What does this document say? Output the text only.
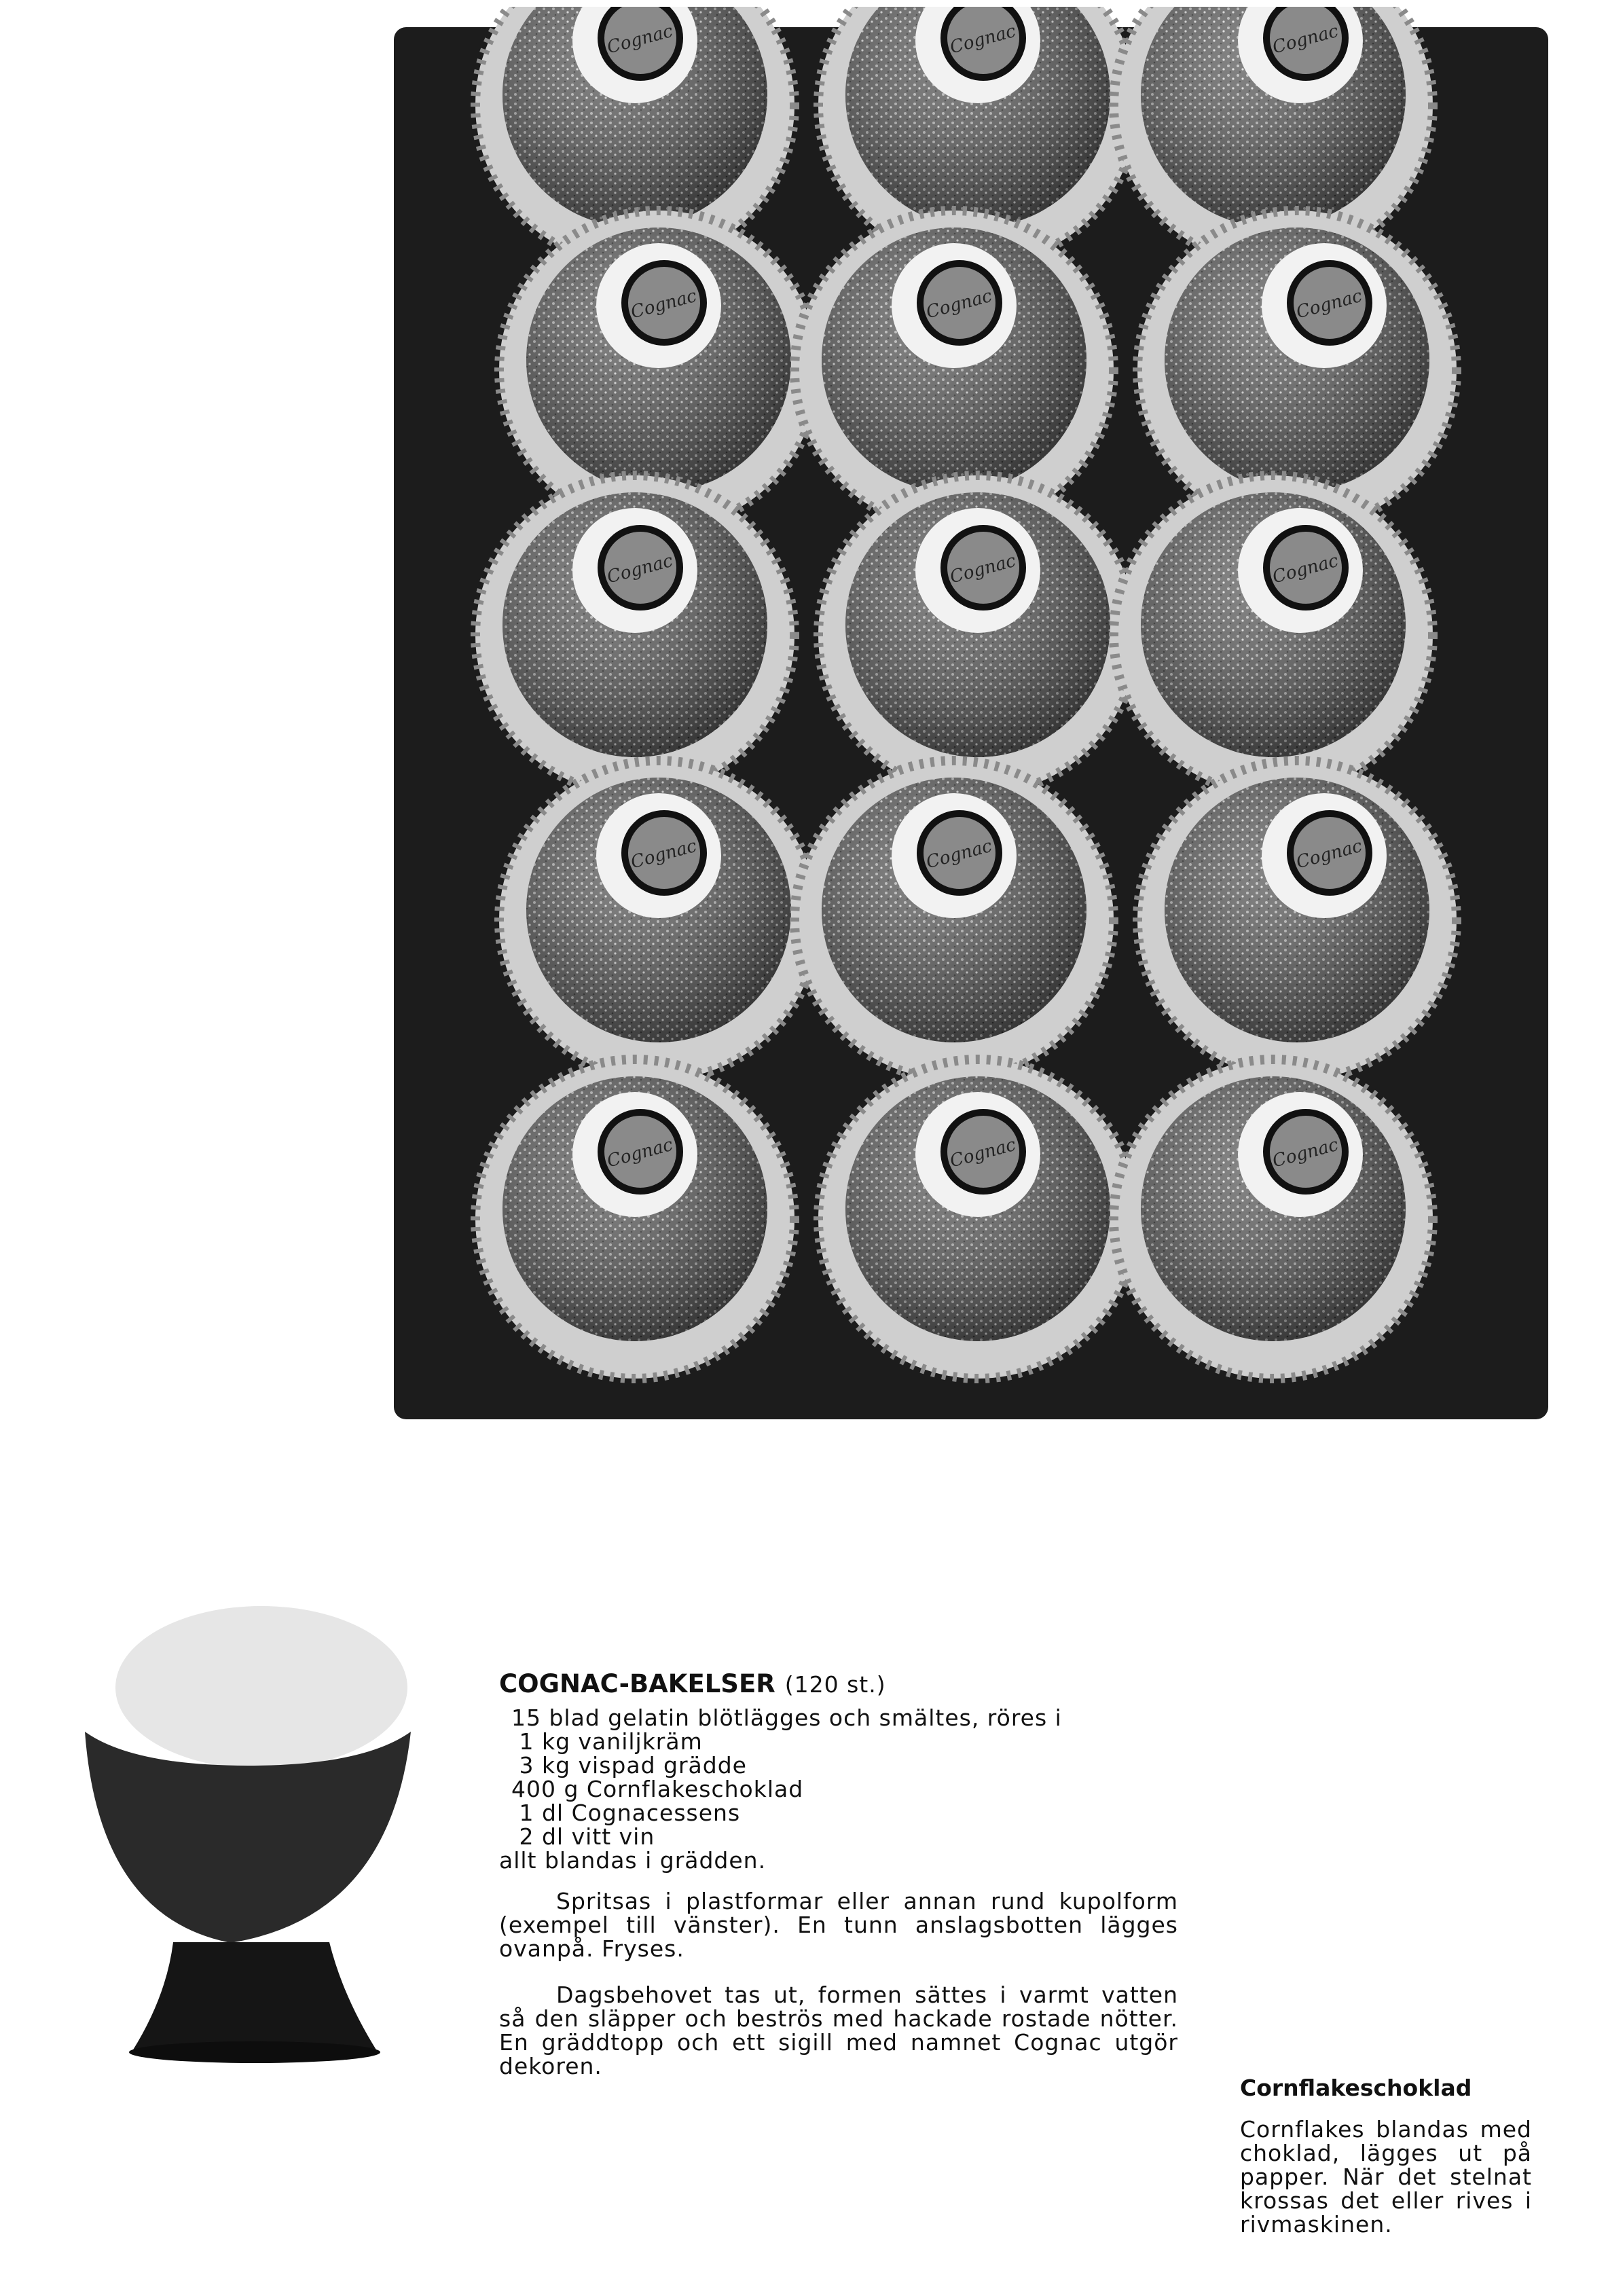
Cognac	Cognac	Cognac
Cognac	Cognac	Cognac
Cognac	Cognac	Cognac
Cognac	Cognac	Cognac
Cognac	Cognac	Cognac
COGNAC-BAKELSER (120 st.)
15 blad gelatin blötlägges och smältes, röres i
1 kg vaniljkräm
3 kg vispad grädde
400 g Cornflakeschoklad
1 dl Cognacessens
2 dl vitt vin
allt blandas i grädden.

Spritsas i plastformar eller annan rund kupolform (exempel till vänster). En tunn anslagsbotten lägges ovanpå. Fryses.

Dagsbehovet tas ut, formen sättes i varmt vatten så den släpper och beströs med hackade rostade nötter. En gräddtopp och ett sigill med namnet Cognac utgör dekoren.

Cornflakeschoklad
Cornflakes blandas med choklad, lägges ut på papper. När det stelnat krossas det eller rives i rivmaskinen.
